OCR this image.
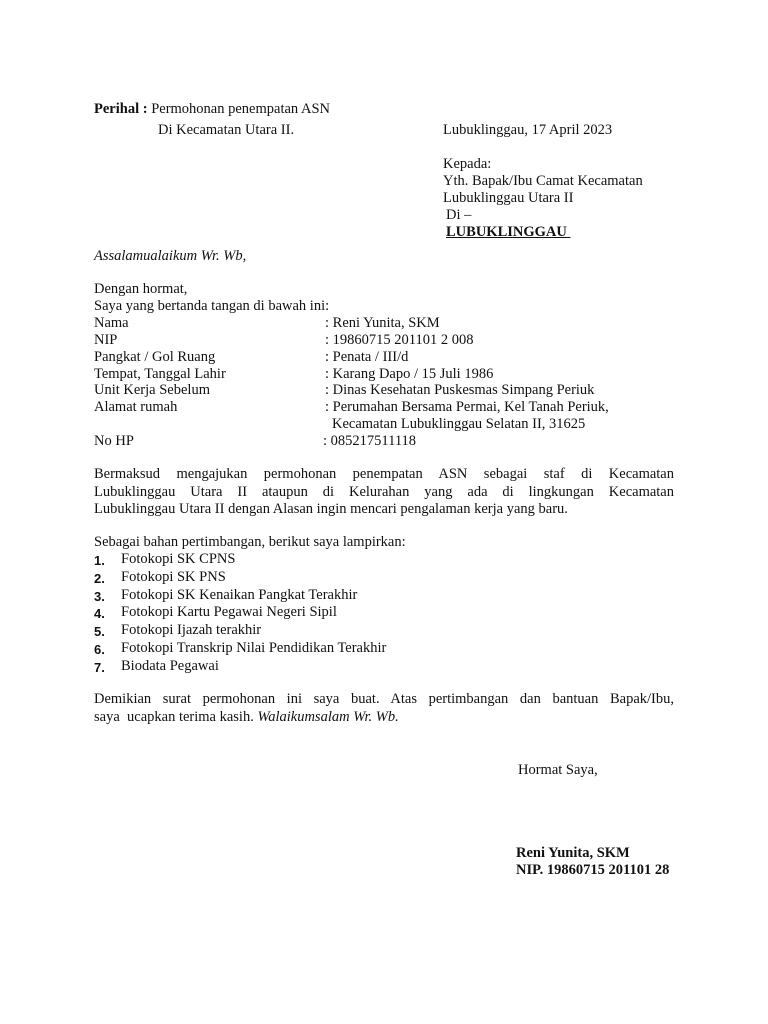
Perihal : Permohonan penempatan ASN
Di Kecamatan Utara II.	Lubuklinggau, 17 April 2023
Kepada:
Yth. Bapak/Ibu Camat Kecamatan
Lubuklinggau Utara II
Di –
LUBUKLINGGAU
Assalamualaikum Wr. Wb,
Dengan hormat,
Saya yang bertanda tangan di bawah ini:
Nama	: Reni Yunita, SKM
NIP	: 19860715 201101 2 008
Pangkat / Gol Ruang	: Penata / III/d
Tempat, Tanggal Lahir	: Karang Dapo / 15 Juli 1986
Unit Kerja Sebelum	: Dinas Kesehatan Puskesmas Simpang Periuk
Alamat rumah	: Perumahan Bersama Permai, Kel Tanah Periuk,
Kecamatan Lubuklinggau Selatan II, 31625
No HP	: 085217511118
Bermaksud mengajukan permohonan penempatan ASN sebagai staf di Kecamatan
Lubuklinggau Utara II ataupun di Kelurahan yang ada di lingkungan Kecamatan
Lubuklinggau Utara II dengan Alasan ingin mencari pengalaman kerja yang baru.
Sebagai bahan pertimbangan, berikut saya lampirkan:
1. Fotokopi SK CPNS
2. Fotokopi SK PNS
3. Fotokopi SK Kenaikan Pangkat Terakhir
4. Fotokopi Kartu Pegawai Negeri Sipil
5. Fotokopi Ijazah terakhir
6. Fotokopi Transkrip Nilai Pendidikan Terakhir
7. Biodata Pegawai
Demikian surat permohonan ini saya buat. Atas pertimbangan dan bantuan Bapak/Ibu,
saya  ucapkan terima kasih. Walaikumsalam Wr. Wb.
Hormat Saya,
Reni Yunita, SKM
NIP. 19860715 201101 28
